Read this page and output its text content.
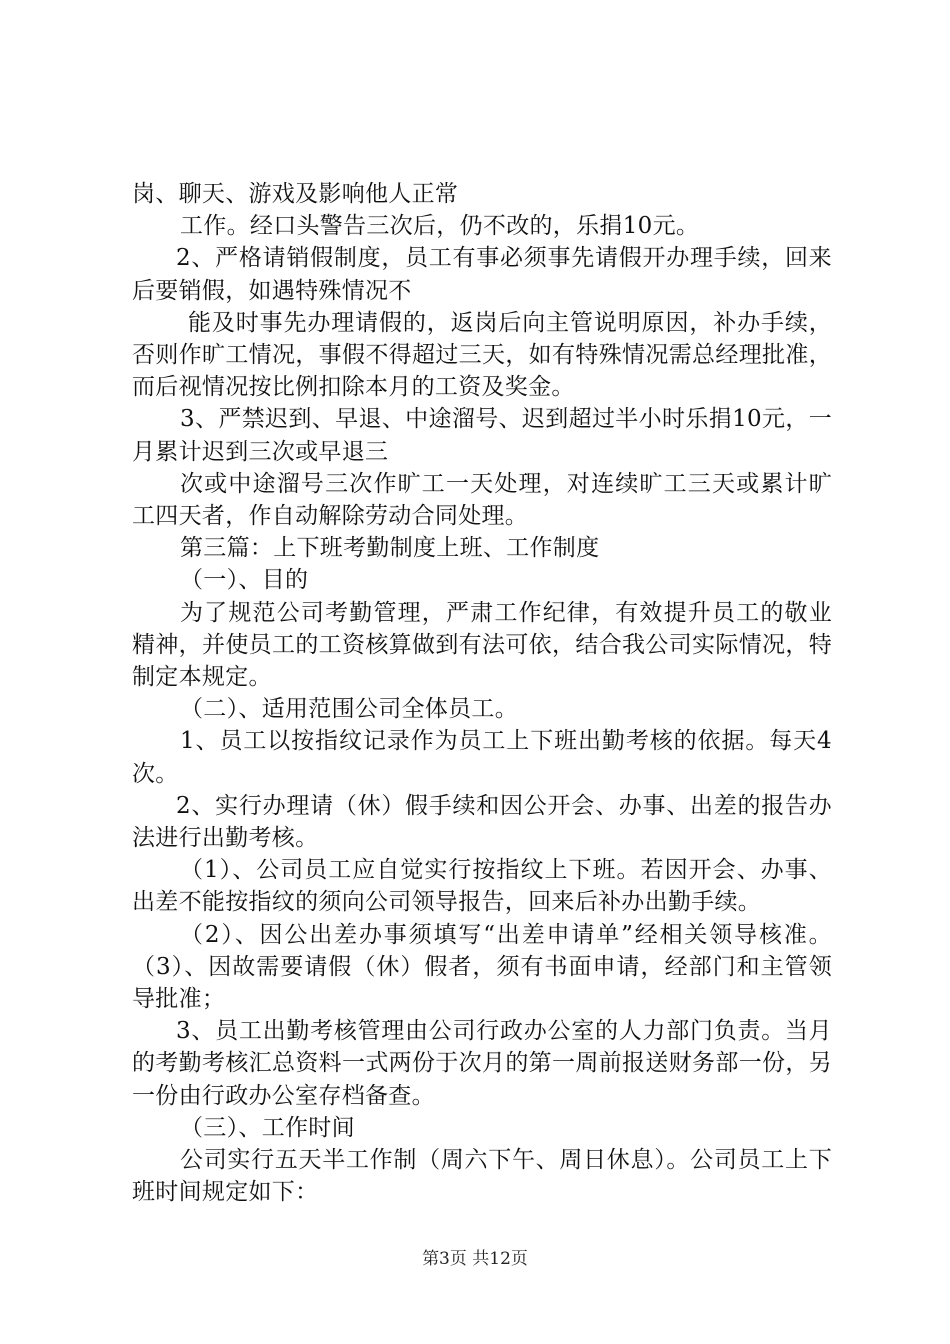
岗、聊天、游戏及影响他人正常

工作。经口头警告三次后，仍不改的，乐捐10元。

2、严格请销假制度，员工有事必须事先请假开办理手续，回来后要销假，如遇特殊情况不

能及时事先办理请假的，返岗后向主管说明原因，补办手续，否则作旷工情况，事假不得超过三天，如有特殊情况需总经理批准，而后视情况按比例扣除本月的工资及奖金。

3、严禁迟到、早退、中途溜号、迟到超过半小时乐捐10元，一月累计迟到三次或早退三

次或中途溜号三次作旷工一天处理，对连续旷工三天或累计旷工四天者，作自动解除劳动合同处理。

第三篇：上下班考勤制度上班、工作制度

（一）、目的

为了规范公司考勤管理，严肃工作纪律，有效提升员工的敬业精神，并使员工的工资核算做到有法可依，结合我公司实际情况，特制定本规定。

（二）、适用范围公司全体员工。

1、员工以按指纹记录作为员工上下班出勤考核的依据。每天4次。

2、实行办理请（休）假手续和因公开会、办事、出差的报告办法进行出勤考核。

（1）、公司员工应自觉实行按指纹上下班。若因开会、办事、出差不能按指纹的须向公司领导报告，回来后补办出勤手续。

（2）、因公出差办事须填写“出差申请单”经相关领导核准。（3）、因故需要请假（休）假者，须有书面申请，经部门和主管领导批准；

3、员工出勤考核管理由公司行政办公室的人力部门负责。当月的考勤考核汇总资料一式两份于次月的第一周前报送财务部一份，另一份由行政办公室存档备查。

（三）、工作时间

公司实行五天半工作制（周六下午、周日休息）。公司员工上下班时间规定如下：

第3页 共12页
